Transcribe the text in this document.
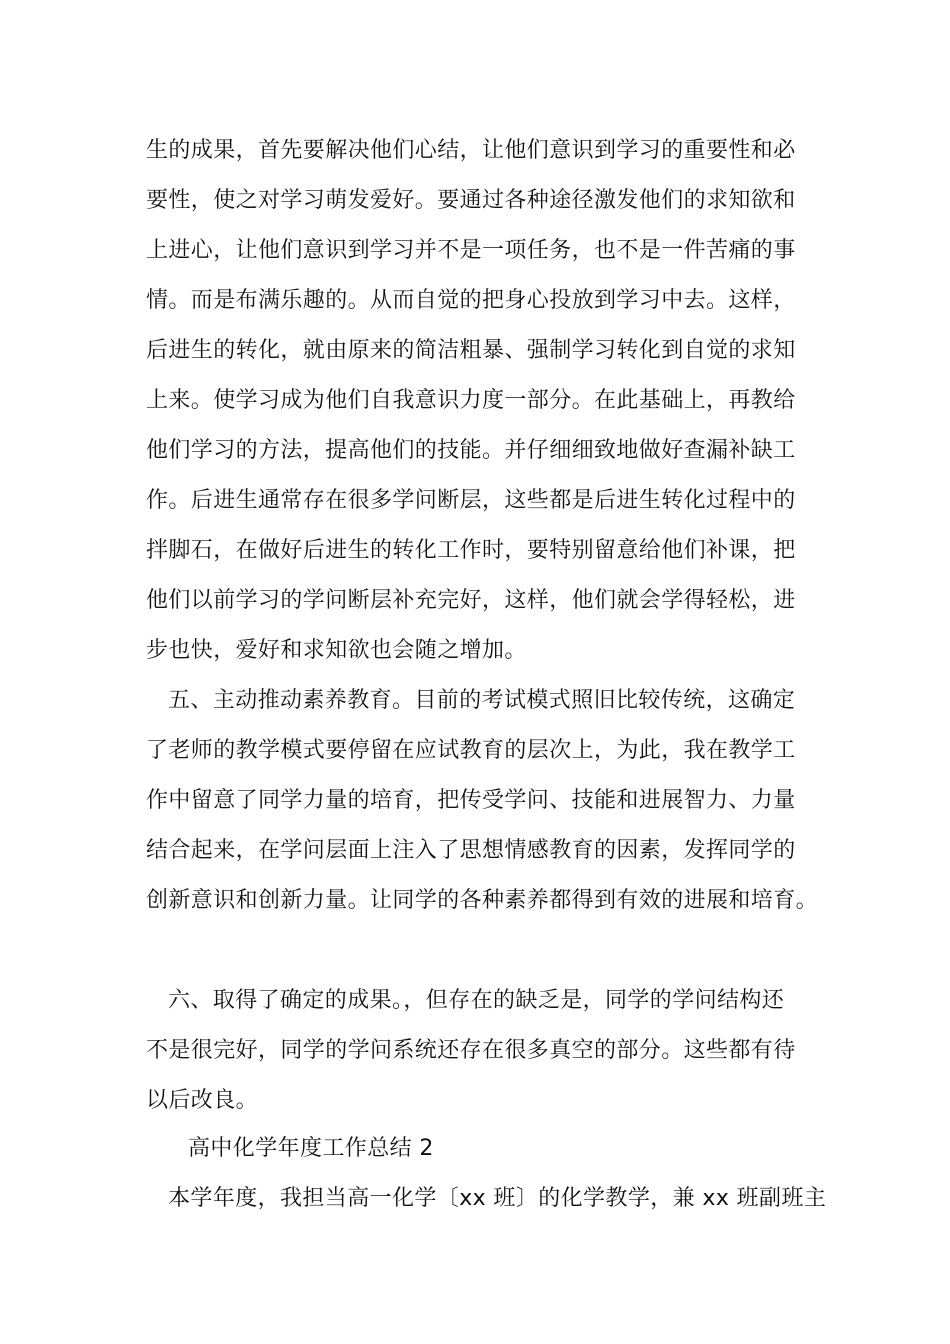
生的成果，首先要解决他们心结，让他们意识到学习的重要性和必

要性，使之对学习萌发爱好。要通过各种途径激发他们的求知欲和

上进心，让他们意识到学习并不是一项任务，也不是一件苦痛的事

情。而是布满乐趣的。从而自觉的把身心投放到学习中去。这样，

后进生的转化，就由原来的简洁粗暴、强制学习转化到自觉的求知

上来。使学习成为他们自我意识力度一部分。在此基础上，再教给

他们学习的方法，提高他们的技能。并仔细细致地做好查漏补缺工

作。后进生通常存在很多学问断层，这些都是后进生转化过程中的

拌脚石，在做好后进生的转化工作时，要特别留意给他们补课，把

他们以前学习的学问断层补充完好，这样，他们就会学得轻松，进

步也快，爱好和求知欲也会随之增加。

五、主动推动素养教育。目前的考试模式照旧比较传统，这确定

了老师的教学模式要停留在应试教育的层次上，为此，我在教学工

作中留意了同学力量的培育，把传受学问、技能和进展智力、力量

结合起来，在学问层面上注入了思想情感教育的因素，发挥同学的

创新意识和创新力量。让同学的各种素养都得到有效的进展和培育。

六、取得了确定的成果。，但存在的缺乏是，同学的学问结构还

不是很完好，同学的学问系统还存在很多真空的部分。这些都有待

以后改良。

高中化学年度工作总结 2

本学年度，我担当高一化学〔xx 班〕的化学教学，兼 xx 班副班主
